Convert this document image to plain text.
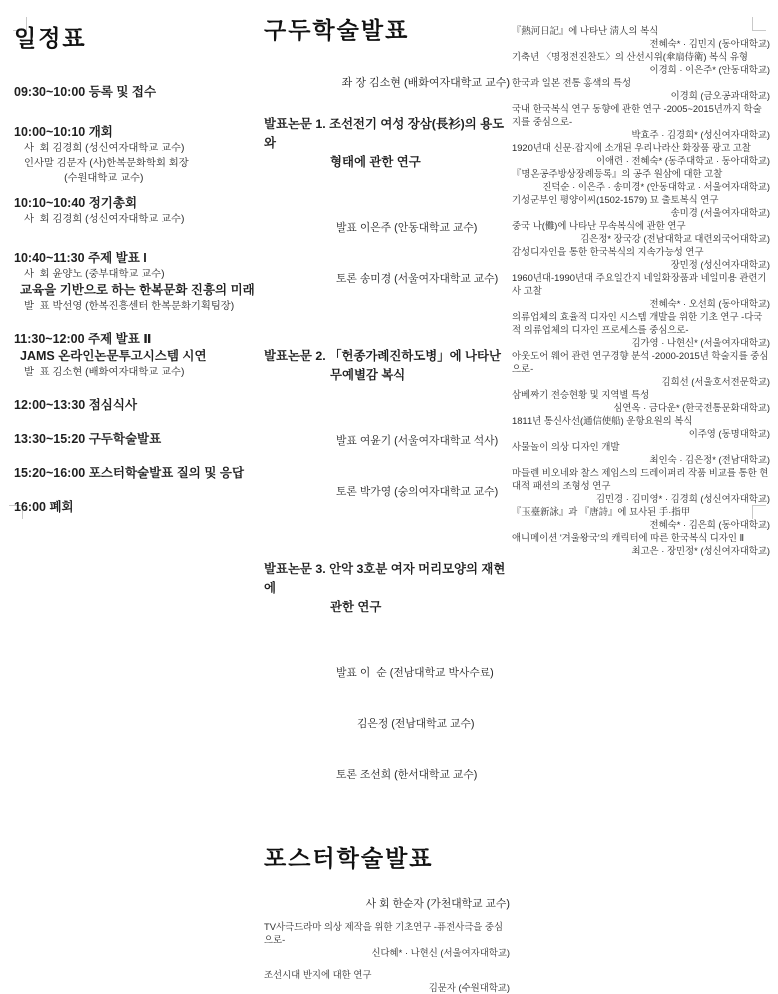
일정표
09:30~10:00 등록 및 접수
10:00~10:10 개회
사  회 김경희 (성신여자대학교 교수)
인사말 김문자 (사)한복문화학회 회장
(수원대학교 교수)
10:10~10:40 정기총회
사  회 김경희 (성신여자대학교 교수)
10:40~11:30 주제 발표 I
사  회 윤양노 (중부대학교 교수)
교육을 기반으로 하는 한복문화 진흥의 미래
발  표 박선영 (한복진흥센터 한복문화기획팀장)
11:30~12:00 주제 발표 Ⅱ
JAMS 온라인논문투고시스템 시연
발  표 김소현 (배화여자대학교 교수)
12:00~13:30 점심식사
13:30~15:20 구두학술발표
15:20~16:00 포스터학술발표 질의 및 응답
16:00 폐회
구두학술발표
좌 장 김소현 (배화여자대학교 교수)
발표논문 1. 조선전기 여성 장삼(長衫)의 용도와
형태에 관한 연구

발표 이은주 (안동대학교 교수)

토론 송미경 (서울여자대학교 교수)

발표논문 2. 「헌종가례진하도병」에 나타난
무예별감 복식

발표 여윤기 (서울여자대학교 석사)

토론 박가영 (숭의여자대학교 교수)

발표논문 3. 안악 3호분 여자 머리모양의 재현에
관한 연구

발표 이  순 (전남대학교 박사수료)

김은정 (전남대학교 교수)

토론 조선희 (한서대학교 교수)

포스터학술발표
사 회 한순자 (가천대학교 교수)
TV사극드라마 의상 제작을 위한 기초연구 -퓨전사극을 중심으로-
신다혜* · 나현신 (서울여자대학교)
조선시대 반지에 대한 연구
김문자 (수원대학교)
『熱河日記』에 나타난 淸人의 복식
전혜숙* · 김민지 (동아대학교)
기축년 〈명정전진찬도〉의 산선시위(傘扇侍衛) 복식 유형
이경희 · 이은주* (안동대학교)
한국과 일본 전통 홍색의 특성
이경희 (금오공과대학교)
국내 한국복식 연구 동향에 관한 연구 -2005~2015년까지 학술지를 중심으로-
박효주 · 김경희* (성신여자대학교)
1920년대 신문·잡지에 소개된 우리나라산 화장품 광고 고찰
이애련 · 전혜숙* (동주대학교 · 동아대학교)
『명온공주방상장례등록』의 공주 원삼에 대한 고찰
진덕순 · 이은주 · 송미경* (안동대학교 · 서울여자대학교)
기성군부인 평양이씨(1502-1579) 묘 출토복식 연구
송미경 (서울여자대학교)
중국 나(儺)에 나타난 무속복식에 관한 연구
김은정* 장국강 (전남대학교 대련외국어대학교)
감성디자인을 통한 한국복식의 지속가능성 연구
장민정 (성신여자대학교)
1960년대-1990년대 주요일간지 네일화장품과 네일미용 관련기사 고찰
전혜숙* · 오선희 (동아대학교)
의류업체의 효율적 디자인 시스템 개발을 위한 기초 연구 -다국적 의류업체의 디자인 프로세스를 중심으로-
김가영 · 나현신* (서울여자대학교)
아웃도어 웨어 관련 연구경향 분석 -2000-2015년 학술지를 중심으로-
김희선 (서울호서전문학교)
삼베짜기 전승현황 및 지역별 특성
심연옥 · 금다운* (한국전통문화대학교)
1811년 통신사선(通信使船) 운항요원의 복식
이주영 (동명대학교)
사물놀이 의상 디자인 개발
최인숙 · 김은정* (전남대학교)
마들렌 비오네와 찰스 제임스의 드레이퍼리 작품 비교를 통한 현대적 패션의 조형성 연구
김민경 · 김미영* · 김경희 (성신여자대학교)
『玉臺新詠』과 『唐詩』에 묘사된 手·指甲
전혜숙* · 김은희 (동아대학교)
애니메이션 '겨울왕국'의 캐릭터에 따른 한국복식 디자인 Ⅱ
최고은 · 장민정* (성신여자대학교)
